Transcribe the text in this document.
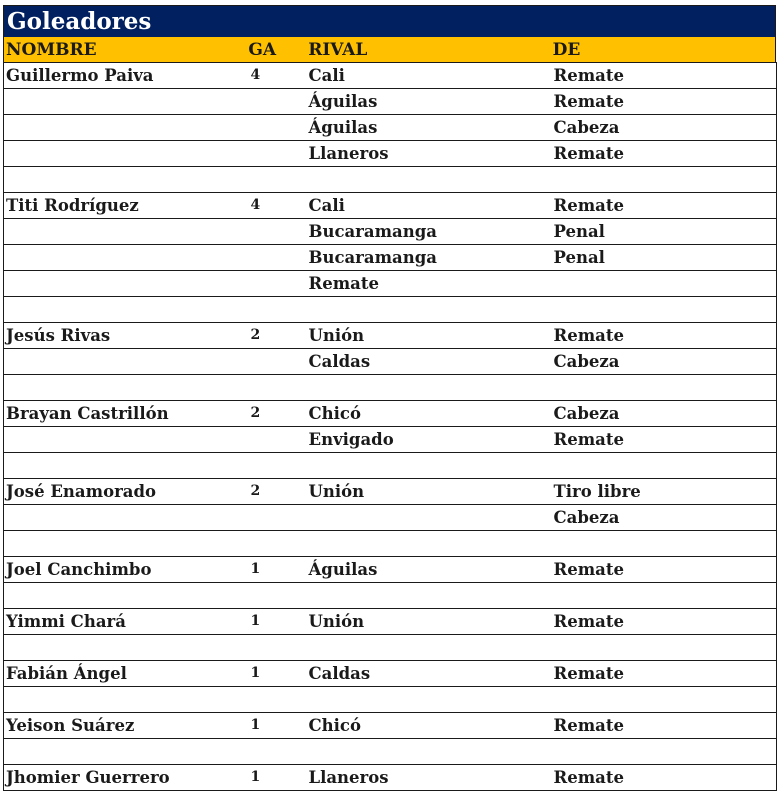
Goleadores
NOMBRE	GA	RIVAL	DE
Guillermo Paiva	4	Cali	Remate
		Águilas	Remate
		Águilas	Cabeza
		Llaneros	Remate

Titi Rodríguez	4	Cali	Remate
		Bucaramanga	Penal
		Bucaramanga	Penal
		Remate	

Jesús Rivas	2	Unión	Remate
		Caldas	Cabeza

Brayan Castrillón	2	Chicó	Cabeza
		Envigado	Remate

José Enamorado	2	Unión	Tiro libre
			Cabeza

Joel Canchimbo	1	Águilas	Remate

Yimmi Chará	1	Unión	Remate

Fabián Ángel	1	Caldas	Remate

Yeison Suárez	1	Chicó	Remate

Jhomier Guerrero	1	Llaneros	Remate
